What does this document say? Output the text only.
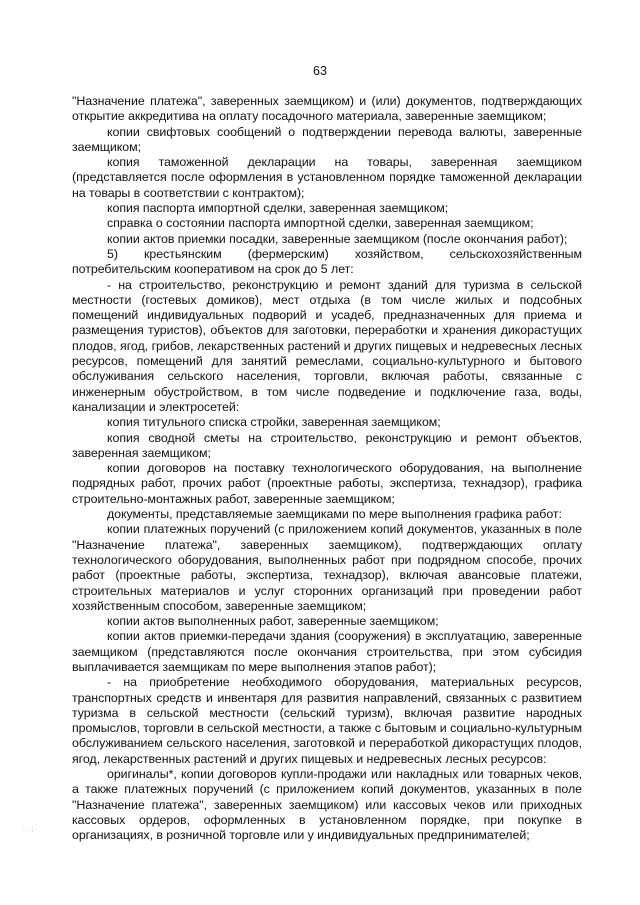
63

"Назначение платежа", заверенных заемщиком) и (или) документов, подтверждающих открытие аккредитива на оплату посадочного материала, заверенные заемщиком;

копии свифтовых сообщений о подтверждении перевода валюты, заверенные заемщиком;

копия таможенной декларации на товары, заверенная заемщиком (представляется после оформления в установленном порядке таможенной декларации на товары в соответствии с контрактом);

копия паспорта импортной сделки, заверенная заемщиком;

справка о состоянии паспорта импортной сделки, заверенная заемщиком;

копии актов приемки посадки, заверенные заемщиком (после окончания работ);

5) крестьянским (фермерским) хозяйством, сельскохозяйственным потребительским кооперативом на срок до 5 лет:

- на строительство, реконструкцию и ремонт зданий для туризма в сельской местности (гостевых домиков), мест отдыха (в том числе жилых и подсобных помещений индивидуальных подворий и усадеб, предназначенных для приема и размещения туристов), объектов для заготовки, переработки и хранения дикорастущих плодов, ягод, грибов, лекарственных растений и других пищевых и недревесных лесных ресурсов, помещений для занятий ремеслами, социально-культурного и бытового обслуживания сельского населения, торговли, включая работы, связанные с инженерным обустройством, в том числе подведение и подключение газа, воды, канализации и электросетей:

копия титульного списка стройки, заверенная заемщиком;

копия сводной сметы на строительство, реконструкцию и ремонт объектов, заверенная заемщиком;

копии договоров на поставку технологического оборудования, на выполнение подрядных работ, прочих работ (проектные работы, экспертиза, технадзор), графика строительно-монтажных работ, заверенные заемщиком;

документы, представляемые заемщиками по мере выполнения графика работ:

копии платежных поручений (с приложением копий документов, указанных в поле "Назначение платежа", заверенных заемщиком), подтверждающих оплату технологического оборудования, выполненных работ при подрядном способе, прочих работ (проектные работы, экспертиза, технадзор), включая авансовые платежи, строительных материалов и услуг сторонних организаций при проведении работ хозяйственным способом, заверенные заемщиком;

копии актов выполненных работ, заверенные заемщиком;

копии актов приемки-передачи здания (сооружения) в эксплуатацию, заверенные заемщиком (представляются после окончания строительства, при этом субсидия выплачивается заемщикам по мере выполнения этапов работ);

- на приобретение необходимого оборудования, материальных ресурсов, транспортных средств и инвентаря для развития направлений, связанных с развитием туризма в сельской местности (сельский туризм), включая развитие народных промыслов, торговли в сельской местности, а также с бытовым и социально-культурным обслуживанием сельского населения, заготовкой и переработкой дикорастущих плодов, ягод, лекарственных растений и других пищевых и недревесных лесных ресурсов:

оригиналы*, копии договоров купли-продажи или накладных или товарных чеков, а также платежных поручений (с приложением копий документов, указанных в поле "Назначение платежа", заверенных заемщиком) или кассовых чеков или приходных кассовых ордеров, оформленных в установленном порядке, при покупке в организациях, в розничной торговле или у индивидуальных предпринимателей;

·.·;·
